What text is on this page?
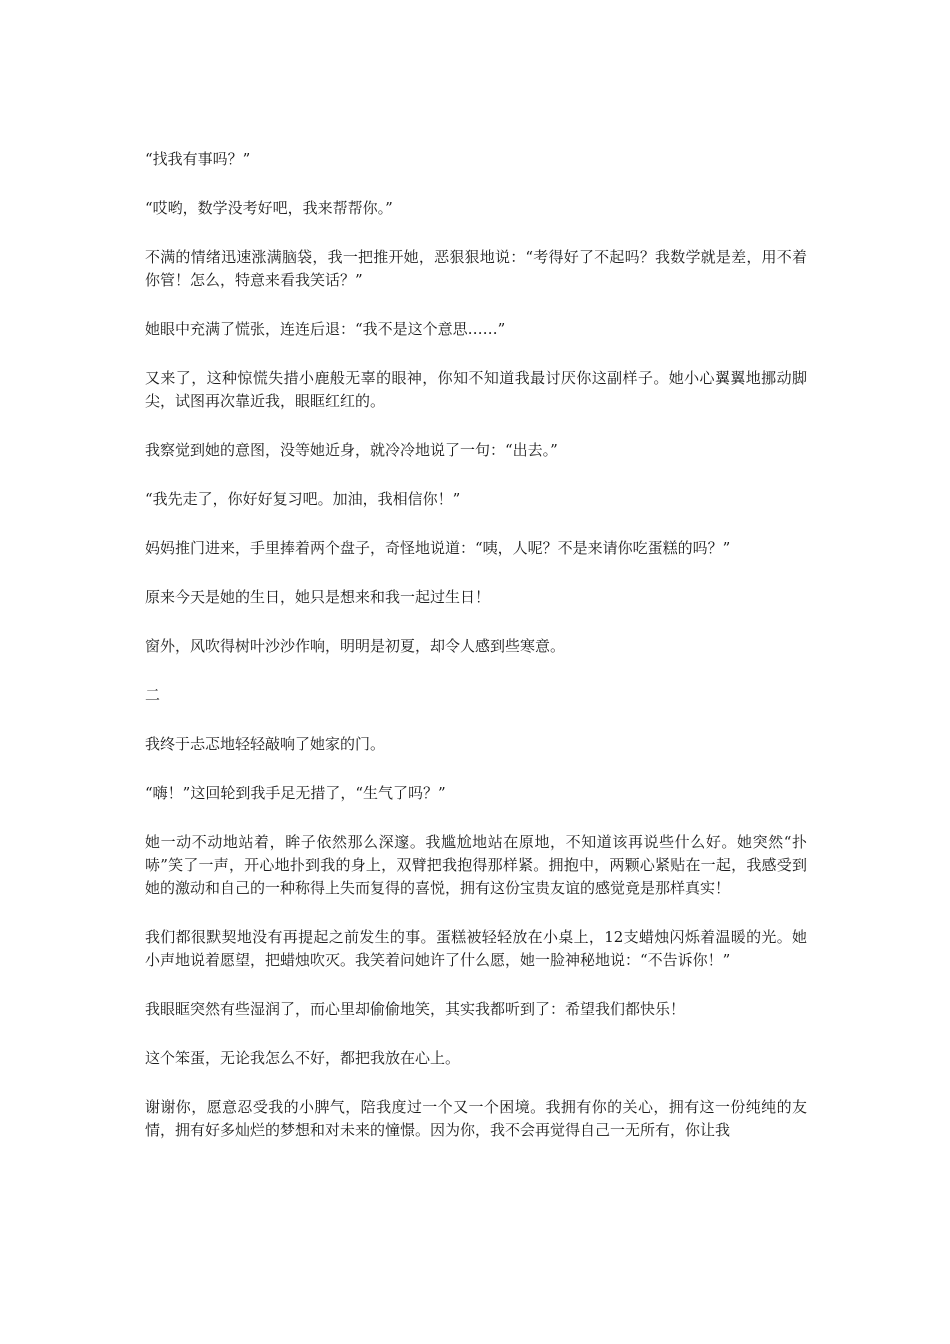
“找我有事吗？”

“哎哟，数学没考好吧，我来帮帮你。”

不满的情绪迅速涨满脑袋，我一把推开她，恶狠狠地说：“考得好了不起吗？我数学就是差，用不着你管！怎么，特意来看我笑话？”

她眼中充满了慌张，连连后退：“我不是这个意思……”

又来了，这种惊慌失措小鹿般无辜的眼神，你知不知道我最讨厌你这副样子。她小心翼翼地挪动脚尖，试图再次靠近我，眼眶红红的。

我察觉到她的意图，没等她近身，就冷冷地说了一句：“出去。”

“我先走了，你好好复习吧。加油，我相信你！”

妈妈推门进来，手里捧着两个盘子，奇怪地说道：“咦，人呢？不是来请你吃蛋糕的吗？”

原来今天是她的生日，她只是想来和我一起过生日！

窗外，风吹得树叶沙沙作响，明明是初夏，却令人感到些寒意。

二

我终于忐忑地轻轻敲响了她家的门。

“嗨！”这回轮到我手足无措了，“生气了吗？”

她一动不动地站着，眸子依然那么深邃。我尴尬地站在原地，不知道该再说些什么好。她突然“扑哧”笑了一声，开心地扑到我的身上，双臂把我抱得那样紧。拥抱中，两颗心紧贴在一起，我感受到她的激动和自己的一种称得上失而复得的喜悦，拥有这份宝贵友谊的感觉竟是那样真实！

我们都很默契地没有再提起之前发生的事。蛋糕被轻轻放在小桌上，12支蜡烛闪烁着温暖的光。她小声地说着愿望，把蜡烛吹灭。我笑着问她许了什么愿，她一脸神秘地说：“不告诉你！”

我眼眶突然有些湿润了，而心里却偷偷地笑，其实我都听到了：希望我们都快乐！

这个笨蛋，无论我怎么不好，都把我放在心上。

谢谢你，愿意忍受我的小脾气，陪我度过一个又一个困境。我拥有你的关心，拥有这一份纯纯的友情，拥有好多灿烂的梦想和对未来的憧憬。因为你，我不会再觉得自己一无所有，你让我
